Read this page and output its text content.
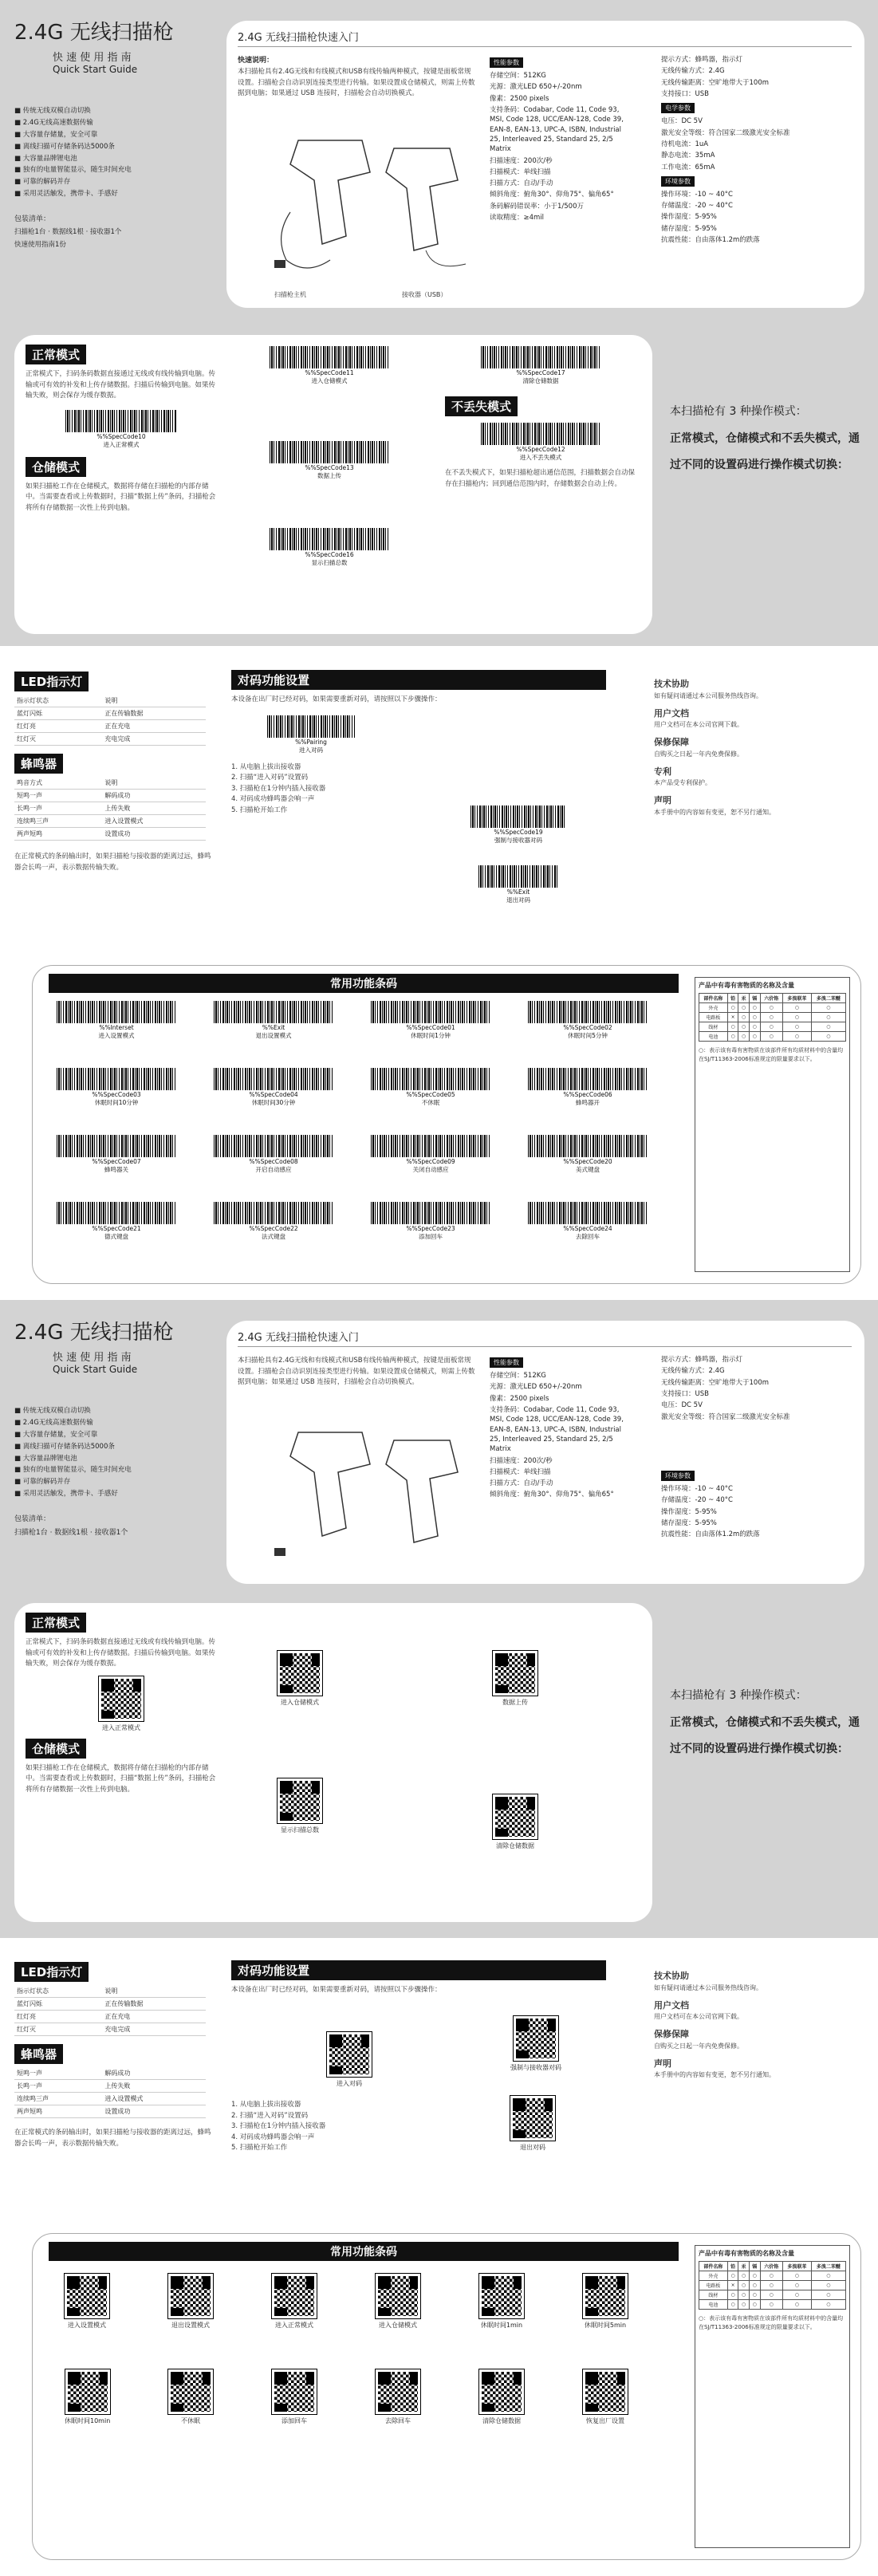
2.4G 无线扫描枪
快 速 使 用 指 南
Quick Start Guide
■ 传统无线双模自动切换
■ 2.4G无线高速数据传输
■ 大容量存储量，安全可靠
■ 离线扫描可存储条码达5000条
■ 大容量品牌锂电池
■ 独有的电量智能显示，随生时间充电
■ 可靠的解码并存
■ 采用灵活触发，携带卡、手感好
包装清单：
扫描枪1台 · 数据线1根 · 接收器1个
快速使用指南1份
2.4G 无线扫描枪快速入门
快速说明：
本扫描枪具有2.4G无线和有线模式和USB有线传输两种模式，按键是面板常规设置。扫描枪会自动识别连接类型进行传输。如果设置成仓储模式，则需上传数据到电脑；如果通过 USB 连接时，扫描枪会自动切换模式。
扫描枪主机	接收器（USB）
性能参数
存储空间：512KG
光源：激光LED 650+/-20nm
像素：2500 pixels
支持条码：Codabar, Code 11, Code 93, MSI, Code 128, UCC/EAN-128, Code 39, EAN-8, EAN-13, UPC-A, ISBN, Industrial 25, Interleaved 25, Standard 25, 2/5 Matrix
扫描速度：200次/秒
扫描模式：单线扫描
扫描方式：自动/手动
倾斜角度：俯角30°、仰角75°、偏角65°
条码解码错误率：小于1/500万
读取精度：≥4mil
提示方式：蜂鸣器，指示灯
无线传输方式：2.4G
无线传输距离：空旷地带大于100m
支持接口：USB
电学参数
电压：DC 5V
激光安全等级：符合国家二级激光安全标准
待机电流：1uA
静态电流：35mA
工作电流：65mA
环境参数
操作环境：-10 ~ 40°C
存储温度：-20 ~ 40°C
操作湿度：5-95%
储存湿度：5-95%
抗震性能：自由落体1.2m的跌落
正常模式
正常模式下，扫码条码数据直接通过无线或有线传输到电脑。传输或可有效的补发和上传存储数据。扫描后传输到电脑。如果传输失败，则会保存为缓存数据。
%%SpecCode10
进入正常模式
仓储模式
如果扫描枪工作在仓储模式，数据将存储在扫描枪的内部存储中。当需要查看或上传数据时，扫描“数据上传”条码，扫描枪会将所有存储数据一次性上传到电脑。
%%SpecCode11
进入仓储模式
%%SpecCode13
数据上传
%%SpecCode16
显示扫描总数
%%SpecCode17
清除仓储数据
不丢失模式
%%SpecCode12
进入不丢失模式
在不丢失模式下，如果扫描枪超出通信范围，扫描数据会自动保存在扫描枪内；回到通信范围内时，存储数据会自动上传。
本扫描枪有 3 种操作模式：
正常模式，仓储模式和不丢失模式，通过不同的设置码进行操作模式切换：
LED指示灯
指示灯状态	说明
蓝灯闪烁	正在传输数据
红灯亮	正在充电
红灯灭	充电完成
蜂鸣器
鸣音方式	说明
短鸣一声	解码成功
长鸣一声	上传失败
连续鸣三声	进入设置模式
两声短鸣	设置成功
在正常模式的条码输出时，如果扫描枪与接收器的距离过远，蜂鸣器会长鸣一声，表示数据传输失败。
对码功能设置
本设备在出厂时已经对码，如果需要重新对码，请按照以下步骤操作：
%%Pairing
进入对码
1. 从电脑上拔出接收器
2. 扫描“进入对码”设置码
3. 扫描枪在1分钟内插入接收器
4. 对码成功蜂鸣器会响一声
5. 扫描枪开始工作
%%SpecCode19
强制与接收器对码
%%Exit
退出对码
技术协助
如有疑问请通过本公司服务热线咨询。
用户文档
用户文档可在本公司官网下载。
保修保障
自购买之日起一年内免费保修。
专利
本产品受专利保护。
声明
本手册中的内容如有变更，恕不另行通知。
常用功能条码
%%Interset
进入设置模式
%%Exit
退出设置模式
%%SpecCode01
休眠时间1分钟
%%SpecCode02
休眠时间5分钟
%%SpecCode03
休眠时间10分钟
%%SpecCode04
休眠时间30分钟
%%SpecCode05
不休眠
%%SpecCode06
蜂鸣器开
%%SpecCode07
蜂鸣器关
%%SpecCode08
开启自动感应
%%SpecCode09
关闭自动感应
%%SpecCode20
美式键盘
%%SpecCode21
德式键盘
%%SpecCode22
法式键盘
%%SpecCode23
添加回车
%%SpecCode24
去除回车
产品中有毒有害物质的名称及含量
部件名称	铅	汞	镉	六价铬	多溴联苯	多溴二苯醚
外壳	○	○	○	○	○	○
电路板	×	○	○	○	○	○
线材	○	○	○	○	○	○
电池	○	○	○	○	○	○
○：表示该有毒有害物质在该部件所有均质材料中的含量均在SJ/T11363-2006标准规定的限量要求以下。
2.4G 无线扫描枪
快 速 使 用 指 南
Quick Start Guide
■ 传统无线双模自动切换
■ 2.4G无线高速数据传输
■ 大容量存储量，安全可靠
■ 离线扫描可存储条码达5000条
■ 大容量品牌锂电池
■ 独有的电量智能显示，随生时间充电
■ 可靠的解码并存
■ 采用灵活触发，携带卡、手感好
包装清单：
扫描枪1台 · 数据线1根 · 接收器1个
2.4G 无线扫描枪快速入门
本扫描枪具有2.4G无线和有线模式和USB有线传输两种模式，按键是面板常规设置。扫描枪会自动识别连接类型进行传输。如果设置成仓储模式，则需上传数据到电脑；如果通过 USB 连接时，扫描枪会自动切换模式。
性能参数
存储空间：512KG
光源：激光LED 650+/-20nm
像素：2500 pixels
支持条码：Codabar, Code 11, Code 93, MSI, Code 128, UCC/EAN-128, Code 39, EAN-8, EAN-13, UPC-A, ISBN, Industrial 25, Interleaved 25, Standard 25, 2/5 Matrix
扫描速度：200次/秒
扫描模式：单线扫描
扫描方式：自动/手动
倾斜角度：俯角30°、仰角75°、偏角65°
提示方式：蜂鸣器，指示灯
无线传输方式：2.4G
无线传输距离：空旷地带大于100m
支持接口：USB
电压：DC 5V
激光安全等级：符合国家二级激光安全标准
环境参数
操作环境：-10 ~ 40°C
存储温度：-20 ~ 40°C
操作湿度：5-95%
储存湿度：5-95%
抗震性能：自由落体1.2m的跌落
正常模式
正常模式下，扫码条码数据直接通过无线或有线传输到电脑。传输或可有效的补发和上传存储数据。扫描后传输到电脑。如果传输失败，则会保存为缓存数据。
进入正常模式
仓储模式
如果扫描枪工作在仓储模式，数据将存储在扫描枪的内部存储中。当需要查看或上传数据时，扫描“数据上传”条码，扫描枪会将所有存储数据一次性上传到电脑。
进入仓储模式
显示扫描总数
数据上传
清除仓储数据
本扫描枪有 3 种操作模式：
正常模式，仓储模式和不丢失模式，通过不同的设置码进行操作模式切换：
LED指示灯
指示灯状态	说明
蓝灯闪烁	正在传输数据
红灯亮	正在充电
红灯灭	充电完成
蜂鸣器
短鸣一声	解码成功
长鸣一声	上传失败
连续鸣三声	进入设置模式
两声短鸣	设置成功
在正常模式的条码输出时，如果扫描枪与接收器的距离过远，蜂鸣器会长鸣一声，表示数据传输失败。
对码功能设置
本设备在出厂时已经对码，如果需要重新对码，请按照以下步骤操作：
进入对码
强制与接收器对码
退出对码
1. 从电脑上拔出接收器
2. 扫描“进入对码”设置码
3. 扫描枪在1分钟内插入接收器
4. 对码成功蜂鸣器会响一声
5. 扫描枪开始工作
技术协助
如有疑问请通过本公司服务热线咨询。
用户文档
用户文档可在本公司官网下载。
保修保障
自购买之日起一年内免费保修。
声明
本手册中的内容如有变更，恕不另行通知。
常用功能条码
进入设置模式	退出设置模式	进入正常模式	进入仓储模式	休眠时间1min	休眠时间5min
休眠时间10min	不休眠	添加回车	去除回车	清除仓储数据	恢复出厂设置
产品中有毒有害物质的名称及含量
部件名称	铅	汞	镉	六价铬	多溴联苯	多溴二苯醚
外壳	○	○	○	○	○	○
电路板	×	○	○	○	○	○
线材	○	○	○	○	○	○
电池	○	○	○	○	○	○
○：表示该有毒有害物质在该部件所有均质材料中的含量均在SJ/T11363-2006标准规定的限量要求以下。
